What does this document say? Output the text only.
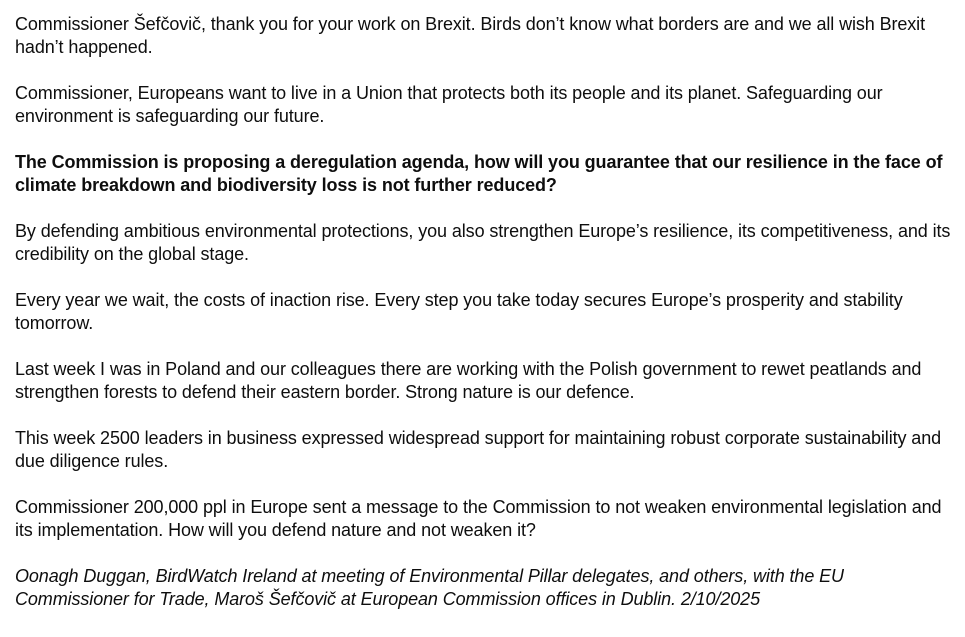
Commissioner Šefčovič, thank you for your work on Brexit. Birds don’t know what borders are and we all wish Brexit hadn’t happened.

Commissioner, Europeans want to live in a Union that protects both its people and its planet. Safeguarding our environment is safeguarding our future.

The Commission is proposing a deregulation agenda, how will you guarantee that our resilience in the face of climate breakdown and biodiversity loss is not further reduced?

By defending ambitious environmental protections, you also strengthen Europe’s resilience, its competitiveness, and its credibility on the global stage.

Every year we wait, the costs of inaction rise. Every step you take today secures Europe’s prosperity and stability tomorrow.

Last week I was in Poland and our colleagues there are working with the Polish government to rewet peatlands and strengthen forests to defend their eastern border. Strong nature is our defence.

This week 2500 leaders in business expressed widespread support for maintaining robust corporate sustainability and due diligence rules.

Commissioner 200,000 ppl in Europe sent a message to the Commission to not weaken environmental legislation and its implementation. How will you defend nature and not weaken it?

Oonagh Duggan, BirdWatch Ireland at meeting of Environmental Pillar delegates, and others, with the EU Commissioner for Trade, Maroš Šefčovič at European Commission offices in Dublin. 2/10/2025
